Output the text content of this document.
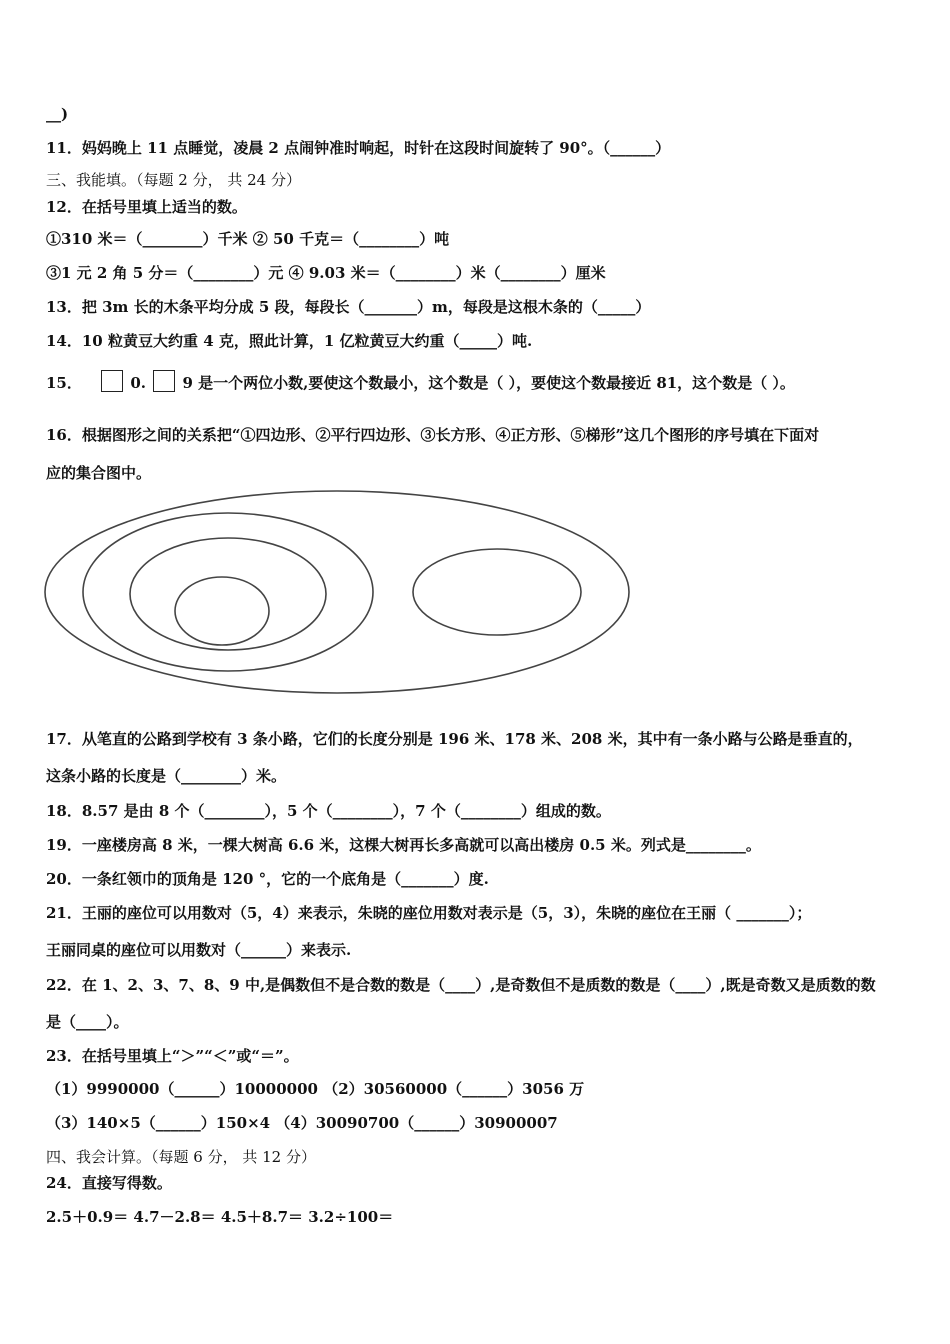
__)
11．妈妈晚上 11 点睡觉，凌晨 2 点闹钟准时响起，时针在这段时间旋转了 90°。（______）
三、我能填。（每题 2 分， 共 24 分）
12．在括号里填上适当的数。
①310 米＝（________）千米 ② 50 千克＝（________）吨
③1 元 2 角 5 分＝（________）元 ④ 9.03 米＝（________）米（________）厘米
13．把 3m 长的木条平均分成 5 段，每段长（_______）m，每段是这根木条的（_____）
14．10 粒黄豆大约重 4 克，照此计算，1 亿粒黄豆大约重（_____）吨.
15．	0. 9 是一个两位小数,要使这个数最小，这个数是（ ），要使这个数最接近 81，这个数是（ ）。
16．根据图形之间的关系把“①四边形、②平行四边形、③长方形、④正方形、⑤梯形”这几个图形的序号填在下面对
应的集合图中。
17．从笔直的公路到学校有 3 条小路，它们的长度分别是 196 米、178 米、208 米，其中有一条小路与公路是垂直的，
这条小路的长度是（________）米。
18．8.57 是由 8 个（________），5 个（________），7 个（________）组成的数。
19．一座楼房高 8 米，一棵大树高 6.6 米，这棵大树再长多高就可以高出楼房 0.5 米。列式是________。
20．一条红领巾的顶角是 120 °，它的一个底角是（_______）度.
21．王丽的座位可以用数对（5，4）来表示，朱晓的座位用数对表示是（5，3），朱晓的座位在王丽（ _______）；
王丽同桌的座位可以用数对（______）来表示.
22．在 1、2、3、7、8、9 中,是偶数但不是合数的数是（____）,是奇数但不是质数的数是（____）,既是奇数又是质数的数
是（____）。
23．在括号里填上“＞”“＜”或“＝”。
（1）9990000（______）10000000 （2）30560000（______）3056 万
（3）140×5（______）150×4 （4）30090700（______）30900007
四、我会计算。（每题 6 分， 共 12 分）
24．直接写得数。
2.5＋0.9＝ 4.7－2.8＝ 4.5＋8.7＝ 3.2÷100＝
